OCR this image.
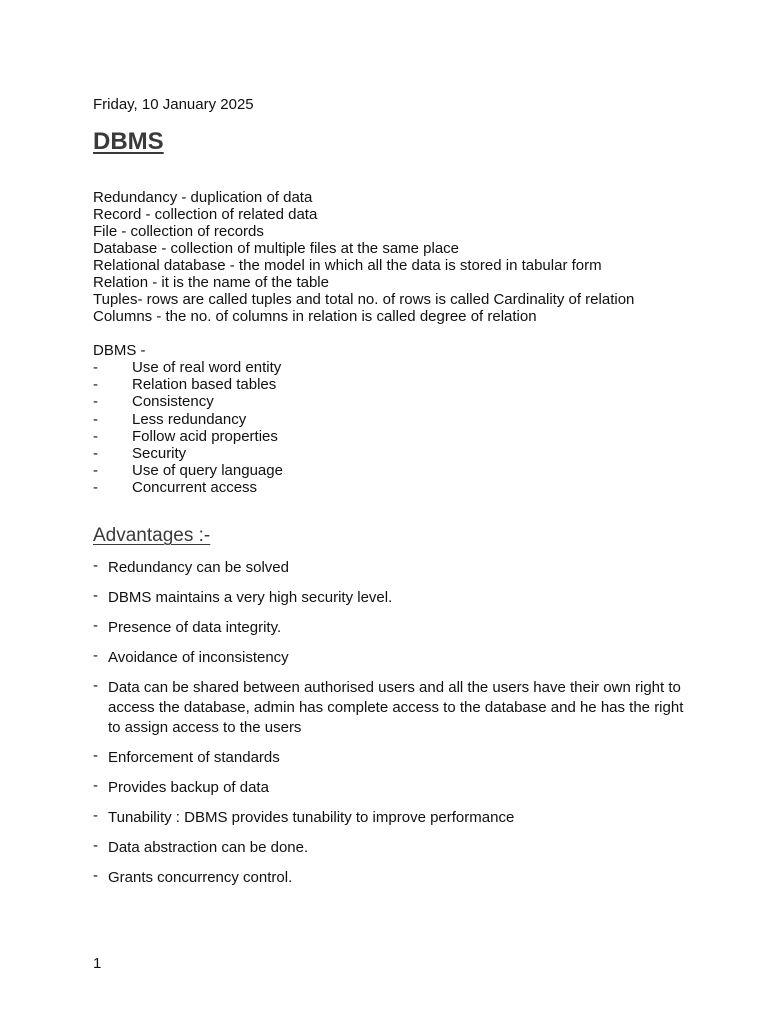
Friday, 10 January 2025
DBMS
Redundancy - duplication of data
Record - collection of related data
File - collection of records
Database - collection of multiple files at the same place
Relational database - the model in which all the data is stored in tabular form
Relation - it is the name of the table
Tuples- rows are called tuples and total no. of rows is called Cardinality of relation
Columns - the no. of columns in relation is called degree of relation
DBMS -
- Use of real word entity
- Relation based tables
- Consistency
- Less redundancy
- Follow acid properties
- Security
- Use of query language
- Concurrent access
Advantages :-
- Redundancy can be solved
- DBMS maintains a very high security level.
- Presence of data integrity.
- Avoidance of inconsistency
- Data can be shared between authorised users and all the users have their own right to access the database, admin has complete access to the database and he has the right to assign access to the users
- Enforcement of standards
- Provides backup of data
- Tunability : DBMS provides tunability to improve performance
- Data abstraction can be done.
- Grants concurrency control.
1
